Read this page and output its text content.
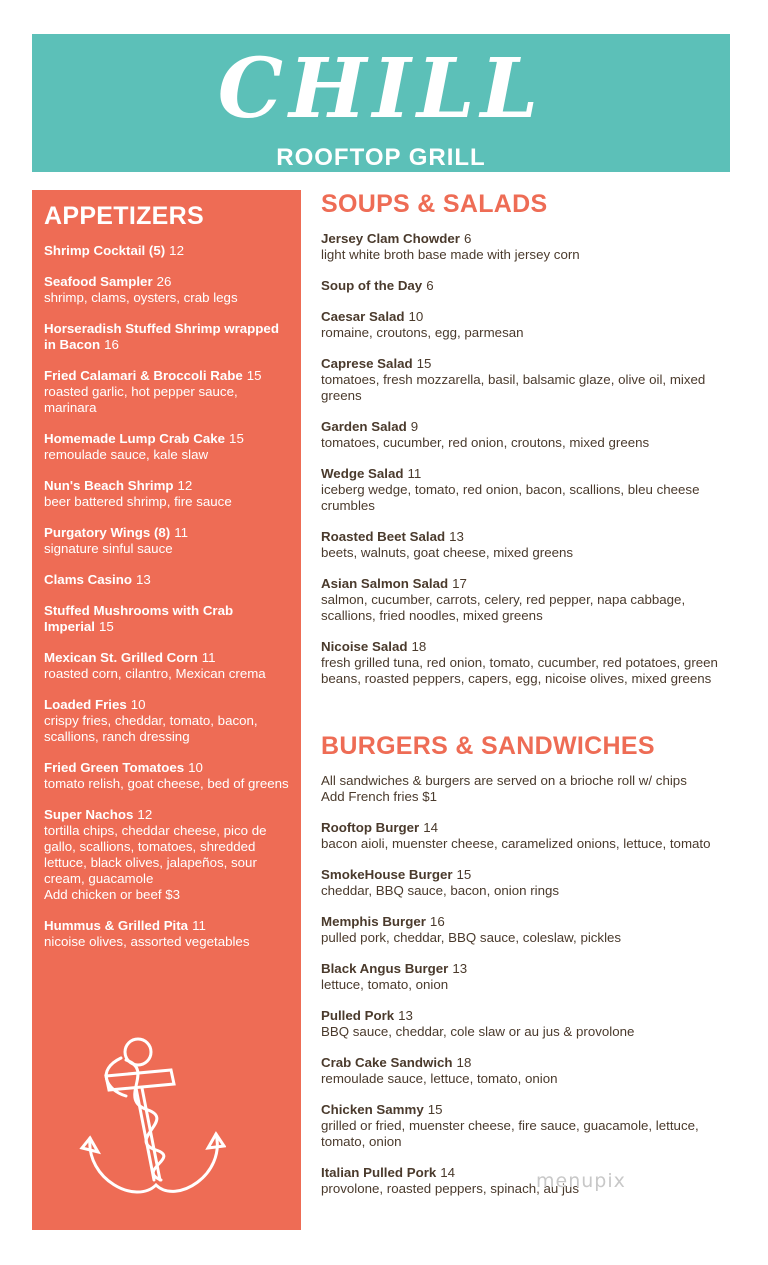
CHILL
ROOFTOP GRILL
APPETIZERS
Shrimp Cocktail (5) 12
Seafood Sampler 26
shrimp, clams, oysters, crab legs
Horseradish Stuffed Shrimp wrapped in Bacon 16
Fried Calamari & Broccoli Rabe 15
roasted garlic, hot pepper sauce, marinara
Homemade Lump Crab Cake 15
remoulade sauce, kale slaw
Nun's Beach Shrimp 12
beer battered shrimp, fire sauce
Purgatory Wings (8) 11
signature sinful sauce
Clams Casino 13
Stuffed Mushrooms with Crab Imperial 15
Mexican St. Grilled Corn 11
roasted corn, cilantro, Mexican crema
Loaded Fries 10
crispy fries, cheddar, tomato, bacon, scallions, ranch dressing
Fried Green Tomatoes 10
tomato relish, goat cheese, bed of greens
Super Nachos 12
tortilla chips, cheddar cheese, pico de gallo, scallions, tomatoes, shredded lettuce, black olives, jalapeños, sour cream, guacamole
Add chicken or beef $3
Hummus & Grilled Pita 11
nicoise olives, assorted vegetables
SOUPS & SALADS
Jersey Clam Chowder 6
light white broth base made with jersey corn
Soup of the Day 6
Caesar Salad 10
romaine, croutons, egg, parmesan
Caprese Salad 15
tomatoes, fresh mozzarella, basil, balsamic glaze, olive oil, mixed greens
Garden Salad 9
tomatoes, cucumber, red onion, croutons, mixed greens
Wedge Salad 11
iceberg wedge, tomato, red onion, bacon, scallions, bleu cheese crumbles
Roasted Beet Salad 13
beets, walnuts, goat cheese, mixed greens
Asian Salmon Salad 17
salmon, cucumber, carrots, celery, red pepper, napa cabbage, scallions, fried noodles, mixed greens
Nicoise Salad 18
fresh grilled tuna, red onion, tomato, cucumber, red potatoes, green beans, roasted peppers, capers, egg, nicoise olives, mixed greens
BURGERS & SANDWICHES
All sandwiches & burgers are served on a brioche roll w/ chips
Add French fries $1
Rooftop Burger 14
bacon aioli, muenster cheese, caramelized onions, lettuce, tomato
SmokeHouse Burger 15
cheddar, BBQ sauce, bacon, onion rings
Memphis Burger 16
pulled pork, cheddar, BBQ sauce, coleslaw, pickles
Black Angus Burger 13
lettuce, tomato, onion
Pulled Pork 13
BBQ sauce, cheddar, cole slaw or au jus & provolone
Crab Cake Sandwich 18
remoulade sauce, lettuce, tomato, onion
Chicken Sammy 15
grilled or fried, muenster cheese, fire sauce, guacamole, lettuce, tomato, onion
Italian Pulled Pork 14
provolone, roasted peppers, spinach, au jus
menupix
